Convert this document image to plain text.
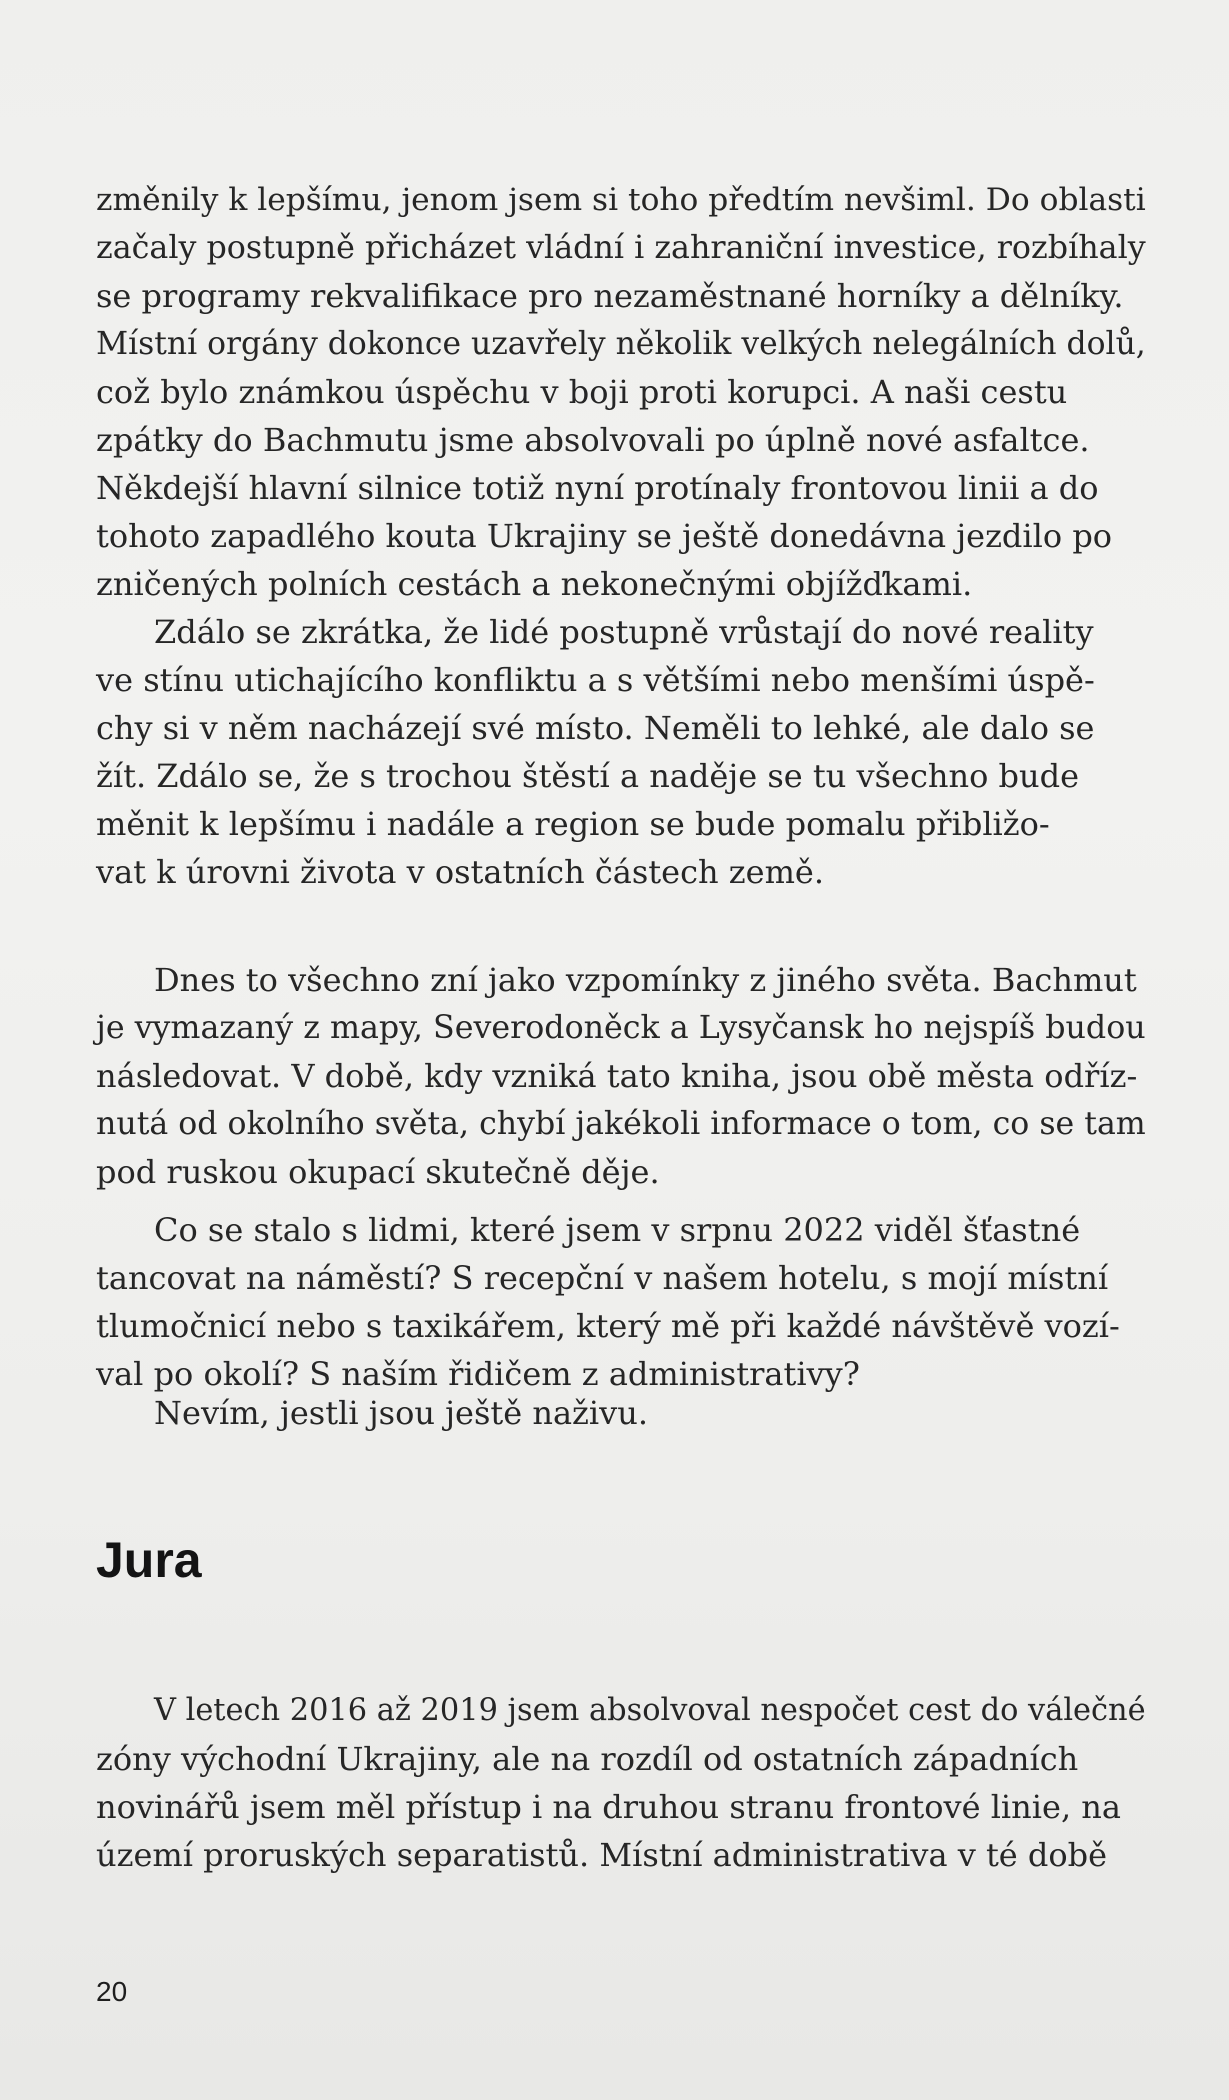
změnily k lepšímu, jenom jsem si toho předtím nevšiml. Do oblasti
začaly postupně přicházet vládní i zahraniční investice, rozbíhaly
se programy rekvalifikace pro nezaměstnané horníky a dělníky.
Místní orgány dokonce uzavřely několik velkých nelegálních dolů,
což bylo známkou úspěchu v boji proti korupci. A naši cestu
zpátky do Bachmutu jsme absolvovali po úplně nové asfaltce.
Někdejší hlavní silnice totiž nyní protínaly frontovou linii a do
tohoto zapadlého kouta Ukrajiny se ještě donedávna jezdilo po
zničených polních cestách a nekonečnými objížďkami.
Zdálo se zkrátka, že lidé postupně vrůstají do nové reality
ve stínu utichajícího konfliktu a s většími nebo menšími úspě-
chy si v něm nacházejí své místo. Neměli to lehké, ale dalo se
žít. Zdálo se, že s trochou štěstí a naděje se tu všechno bude
měnit k lepšímu i nadále a region se bude pomalu přibližo-
vat k úrovni života v ostatních částech země.
Dnes to všechno zní jako vzpomínky z jiného světa. Bachmut
je vymazaný z mapy, Severodoněck a Lysyčansk ho nejspíš budou
následovat. V době, kdy vzniká tato kniha, jsou obě města odříz-
nutá od okolního světa, chybí jakékoli informace o tom, co se tam
pod ruskou okupací skutečně děje.
Co se stalo s lidmi, které jsem v srpnu 2022 viděl šťastné
tancovat na náměstí? S recepční v našem hotelu, s mojí místní
tlumočnicí nebo s taxikářem, který mě při každé návštěvě vozí-
val po okolí? S naším řidičem z administrativy?
Nevím, jestli jsou ještě naživu.
Jura
V letech 2016 až 2019 jsem absolvoval nespočet cest do válečné
zóny východní Ukrajiny, ale na rozdíl od ostatních západních
novinářů jsem měl přístup i na druhou stranu frontové linie, na
území proruských separatistů. Místní administrativa v té době
20
